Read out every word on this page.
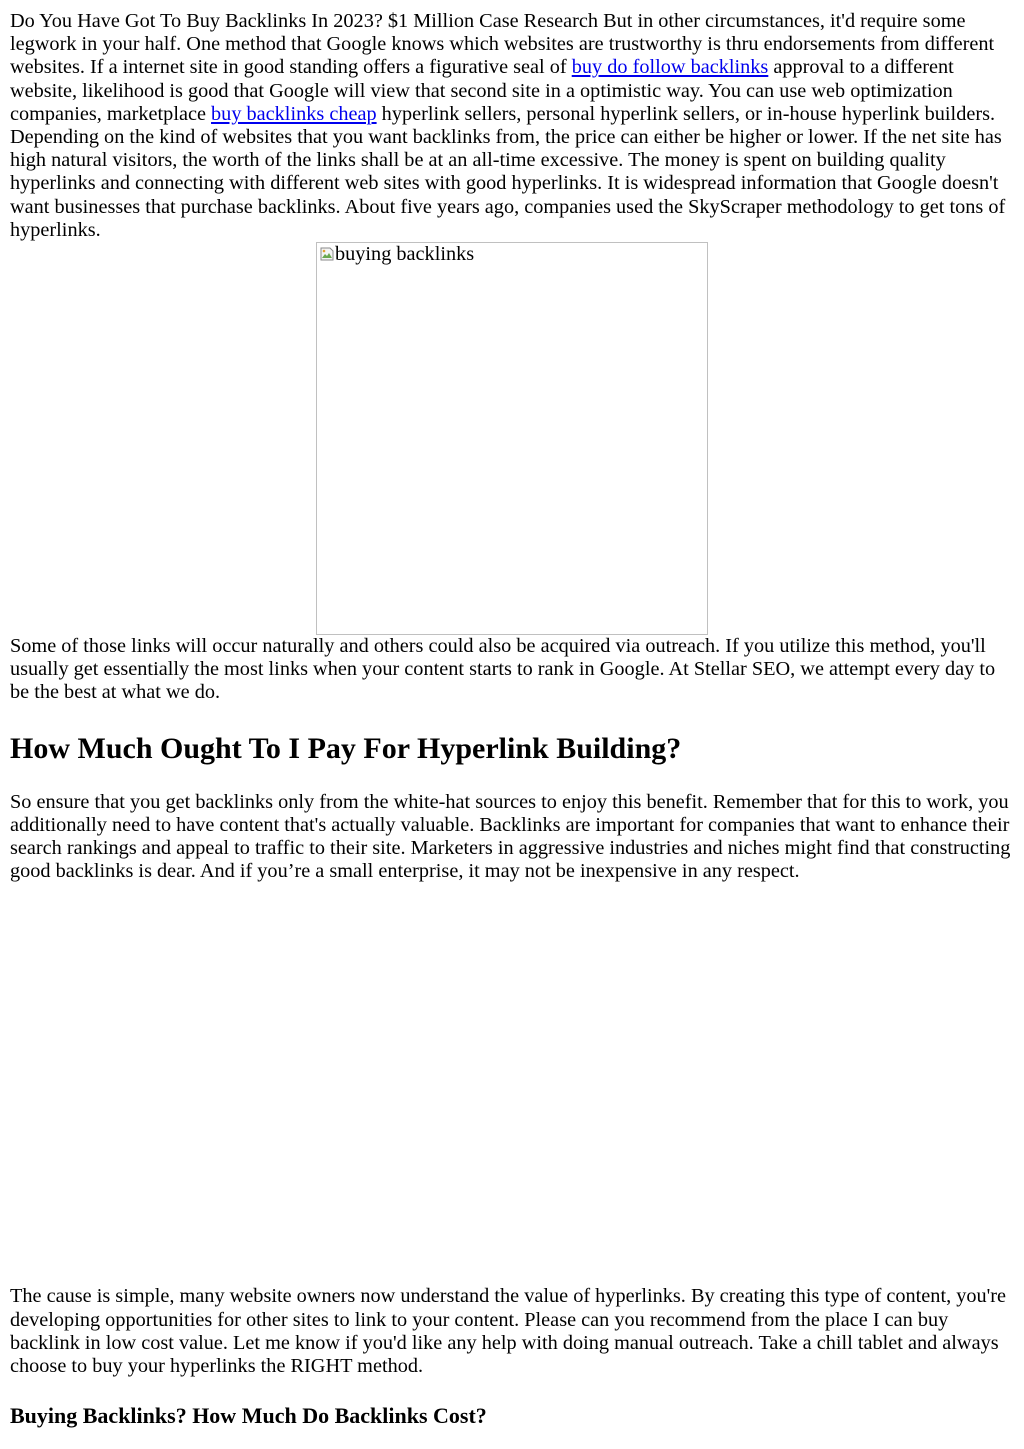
Do You Have Got To Buy Backlinks In 2023? $1 Million Case Research But in other circumstances, it'd require some legwork in your half. One method that Google knows which websites are trustworthy is thru endorsements from different websites. If a internet site in good standing offers a figurative seal of buy do follow backlinks approval to a different website, likelihood is good that Google will view that second site in a optimistic way. You can use web optimization companies, marketplace buy backlinks cheap hyperlink sellers, personal hyperlink sellers, or in-house hyperlink builders. Depending on the kind of websites that you want backlinks from, the price can either be higher or lower. If the net site has high natural visitors, the worth of the links shall be at an all-time excessive. The money is spent on building quality hyperlinks and connecting with different web sites with good hyperlinks. It is widespread information that Google doesn't want businesses that purchase backlinks. About five years ago, companies used the SkyScraper methodology to get tons of hyperlinks.

buying backlinks

Some of those links will occur naturally and others could also be acquired via outreach. If you utilize this method, you'll usually get essentially the most links when your content starts to rank in Google. At Stellar SEO, we attempt every day to be the best at what we do.

How Much Ought To I Pay For Hyperlink Building?

So ensure that you get backlinks only from the white-hat sources to enjoy this benefit. Remember that for this to work, you additionally need to have content that's actually valuable. Backlinks are important for companies that want to enhance their search rankings and appeal to traffic to their site. Marketers in aggressive industries and niches might find that constructing good backlinks is dear. And if you’re a small enterprise, it may not be inexpensive in any respect.

The cause is simple, many website owners now understand the value of hyperlinks. By creating this type of content, you're developing opportunities for other sites to link to your content. Please can you recommend from the place I can buy backlink in low cost value. Let me know if you'd like any help with doing manual outreach. Take a chill tablet and always choose to buy your hyperlinks the RIGHT method.

Buying Backlinks? How Much Do Backlinks Cost?
